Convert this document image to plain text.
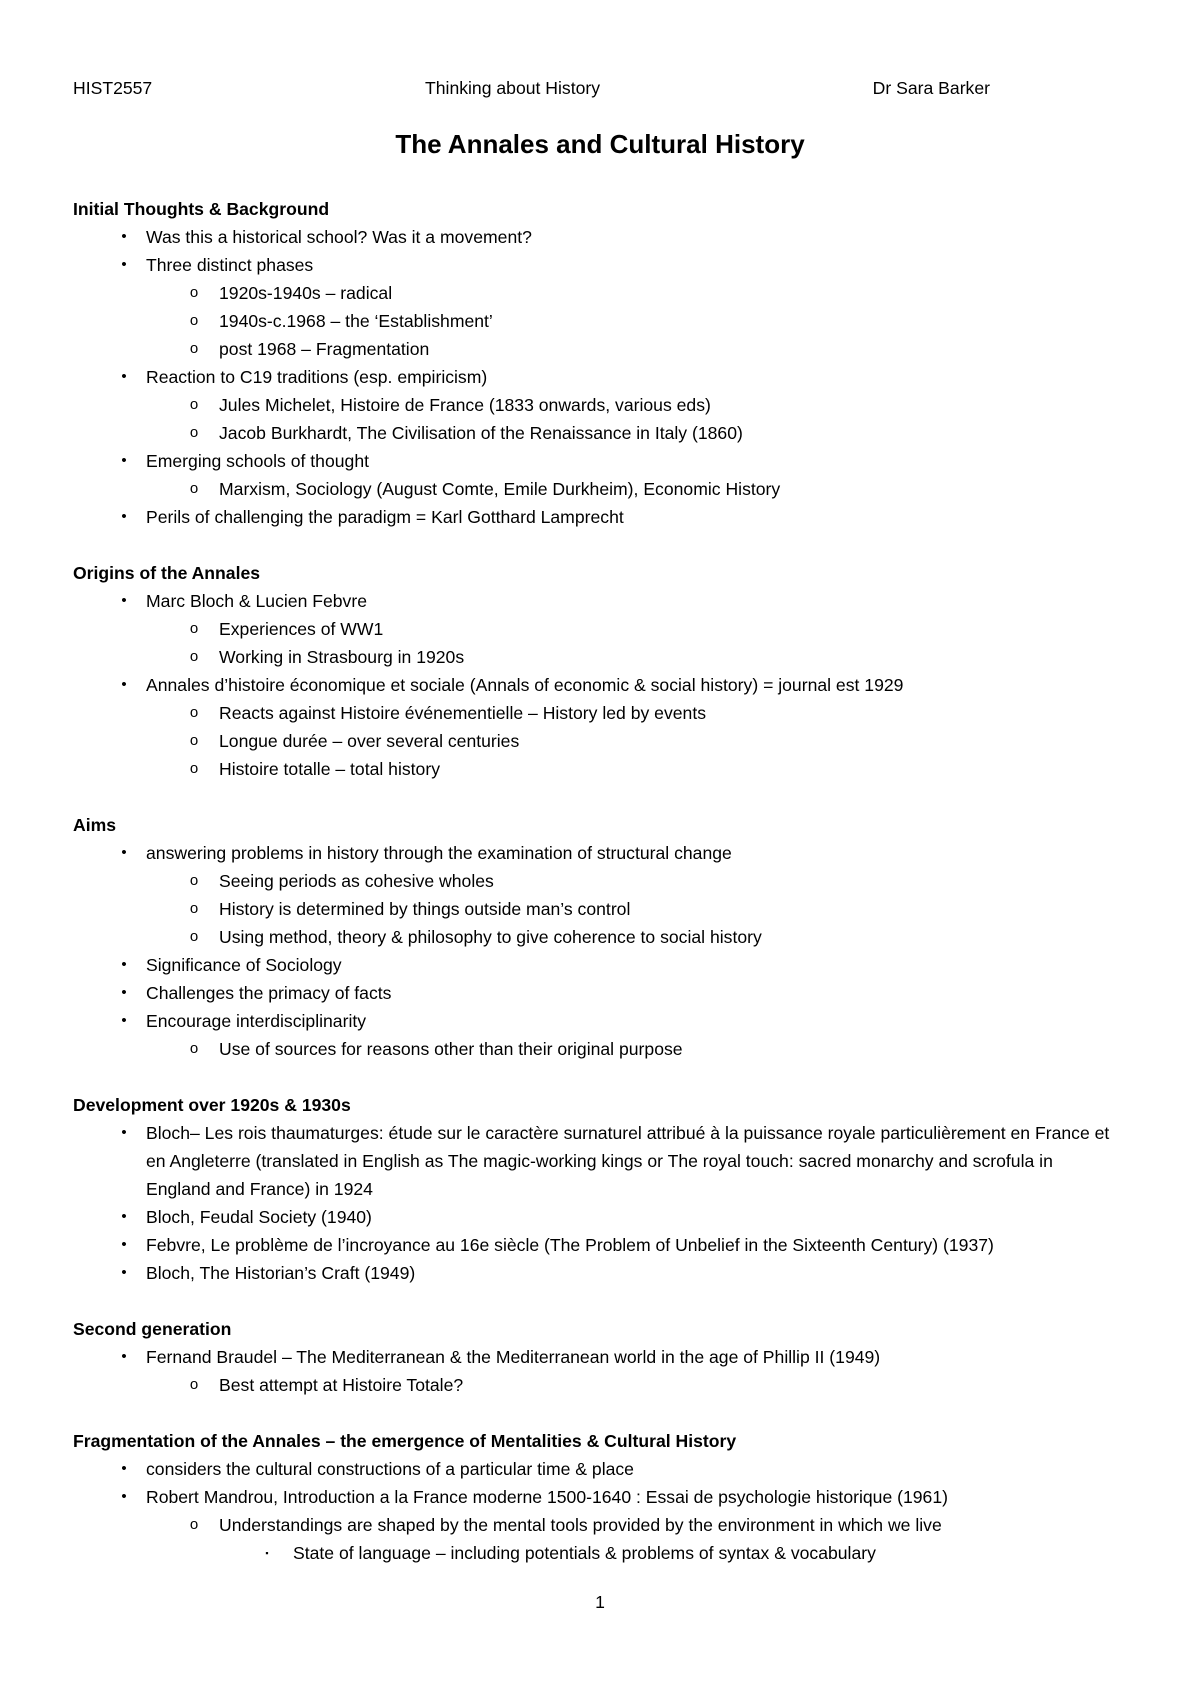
HIST2557	Thinking about History	Dr Sara Barker
The Annales and Cultural History
Initial Thoughts & Background
• Was this a historical school? Was it a movement?
• Three distinct phases
o 1920s-1940s – radical
o 1940s-c.1968 – the ‘Establishment’
o post 1968 – Fragmentation
• Reaction to C19 traditions (esp. empiricism)
o Jules Michelet, Histoire de France (1833 onwards, various eds)
o Jacob Burkhardt, The Civilisation of the Renaissance in Italy (1860)
• Emerging schools of thought
o Marxism, Sociology (August Comte, Emile Durkheim), Economic History
• Perils of challenging the paradigm = Karl Gotthard Lamprecht
Origins of the Annales
• Marc Bloch & Lucien Febvre
o Experiences of WW1
o Working in Strasbourg in 1920s
• Annales d’histoire économique et sociale (Annals of economic & social history) = journal est 1929
o Reacts against Histoire événementielle – History led by events
o Longue durée – over several centuries
o Histoire totalle – total history
Aims
• answering problems in history through the examination of structural change
o Seeing periods as cohesive wholes
o History is determined by things outside man’s control
o Using method, theory & philosophy to give coherence to social history
• Significance of Sociology
• Challenges the primacy of facts
• Encourage interdisciplinarity
o Use of sources for reasons other than their original purpose
Development over 1920s & 1930s
• Bloch– Les rois thaumaturges: étude sur le caractère surnaturel attribué à la puissance royale particulièrement en France et en Angleterre (translated in English as The magic-working kings or The royal touch: sacred monarchy and scrofula in England and France) in 1924
• Bloch, Feudal Society (1940)
• Febvre, Le problème de l’incroyance au 16e siècle (The Problem of Unbelief in the Sixteenth Century) (1937)
• Bloch, The Historian’s Craft (1949)
Second generation
• Fernand Braudel – The Mediterranean & the Mediterranean world in the age of Phillip II (1949)
o Best attempt at Histoire Totale?
Fragmentation of the Annales – the emergence of Mentalities & Cultural History
• considers the cultural constructions of a particular time & place
• Robert Mandrou, Introduction a la France moderne 1500-1640 : Essai de psychologie historique (1961)
o Understandings are shaped by the mental tools provided by the environment in which we live
▪	State of language – including potentials & problems of syntax & vocabulary
1
